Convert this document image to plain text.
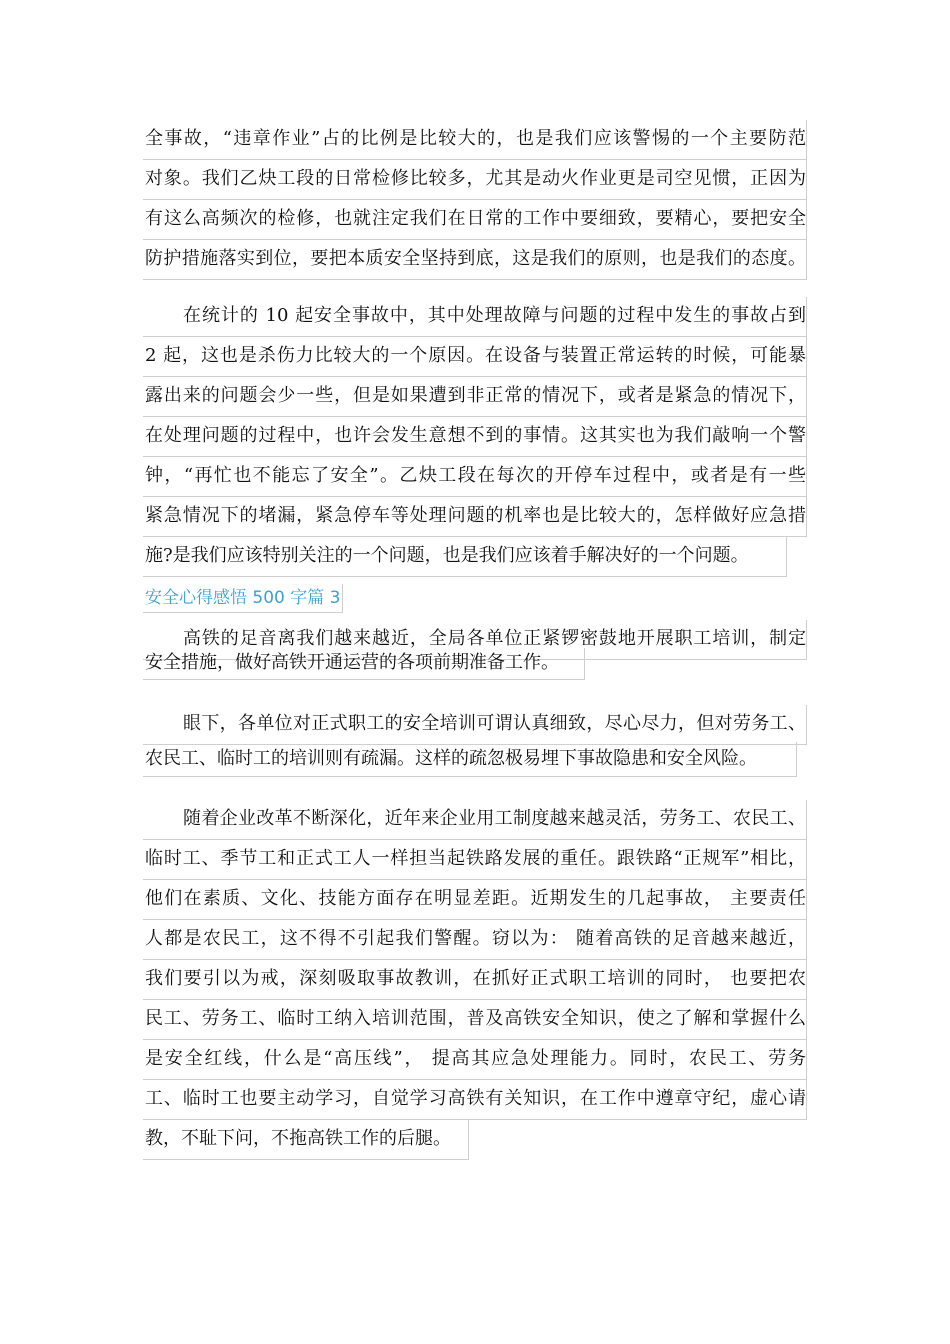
全事故，“违章作业”占的比例是比较大的，也是我们应该警惕的一个主要防范
对象。我们乙炔工段的日常检修比较多，尤其是动火作业更是司空见惯，正因为
有这么高频次的检修，也就注定我们在日常的工作中要细致，要精心，要把安全
防护措施落实到位，要把本质安全坚持到底，这是我们的原则，也是我们的态度。
在统计的 10 起安全事故中，其中处理故障与问题的过程中发生的事故占到
2 起，这也是杀伤力比较大的一个原因。在设备与装置正常运转的时候，可能暴
露出来的问题会少一些，但是如果遭到非正常的情况下，或者是紧急的情况下，
在处理问题的过程中，也许会发生意想不到的事情。这其实也为我们敲响一个警
钟，“再忙也不能忘了安全”。乙炔工段在每次的开停车过程中，或者是有一些
紧急情况下的堵漏，紧急停车等处理问题的机率也是比较大的，怎样做好应急措
施?是我们应该特别关注的一个问题，也是我们应该着手解决好的一个问题。
安全心得感悟 500 字篇 3
高铁的足音离我们越来越近，全局各单位正紧锣密鼓地开展职工培训，制定
安全措施，做好高铁开通运营的各项前期准备工作。
眼下，各单位对正式职工的安全培训可谓认真细致，尽心尽力，但对劳务工、
农民工、临时工的培训则有疏漏。这样的疏忽极易埋下事故隐患和安全风险。
随着企业改革不断深化，近年来企业用工制度越来越灵活，劳务工、农民工、
临时工、季节工和正式工人一样担当起铁路发展的重任。跟铁路“正规军”相比，
他们在素质、文化、技能方面存在明显差距。近期发生的几起事故， 主要责任
人都是农民工，这不得不引起我们警醒。窃以为： 随着高铁的足音越来越近，
我们要引以为戒，深刻吸取事故教训，在抓好正式职工培训的同时， 也要把农
民工、劳务工、临时工纳入培训范围，普及高铁安全知识，使之了解和掌握什么
是安全红线，什么是“高压线”， 提高其应急处理能力。同时，农民工、劳务
工、临时工也要主动学习，自觉学习高铁有关知识，在工作中遵章守纪，虚心请
教，不耻下问，不拖高铁工作的后腿。
